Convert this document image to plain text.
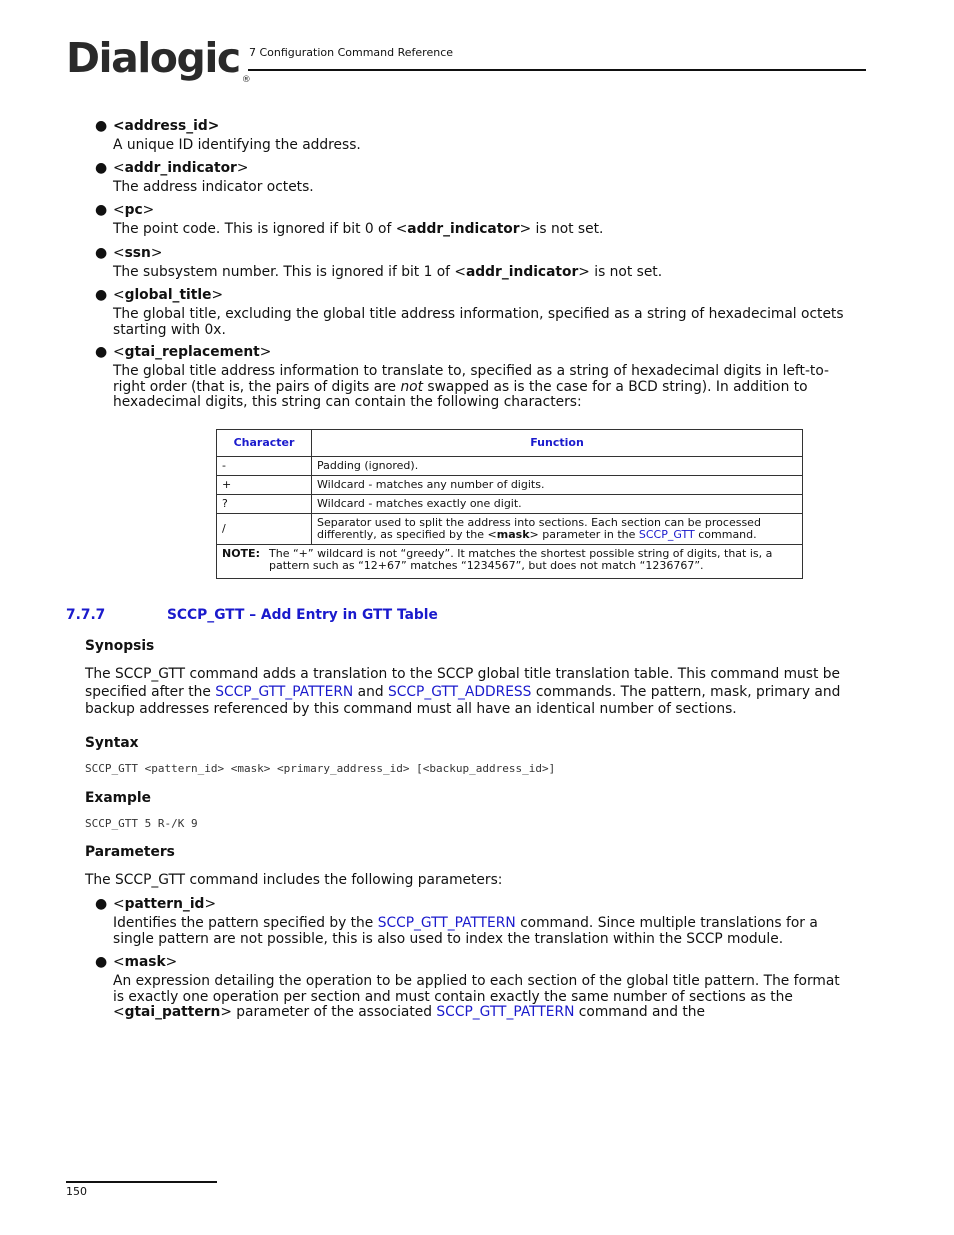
Dialogic ®
7 Configuration Command Reference
● <address_id>
A unique ID identifying the address.
● <addr_indicator>
The address indicator octets.
● <pc>
The point code. This is ignored if bit 0 of <addr_indicator> is not set.
● <ssn>
The subsystem number. This is ignored if bit 1 of <addr_indicator> is not set.
● <global_title>
The global title, excluding the global title address information, specified as a string of hexadecimal octets starting with 0x.
● <gtai_replacement>
The global title address information to translate to, specified as a string of hexadecimal digits in left-to-right order (that is, the pairs of digits are not swapped as is the case for a BCD string). In addition to hexadecimal digits, this string can contain the following characters:
Character	Function
-	Padding (ignored).
+	Wildcard - matches any number of digits.
?	Wildcard - matches exactly one digit.
/	Separator used to split the address into sections. Each section can be processed differently, as specified by the <mask> parameter in the SCCP_GTT command.

NOTE: The “+” wildcard is not “greedy”. It matches the shortest possible string of digits, that is, a pattern such as “12+67” matches “1234567”, but does not match “1236767”.	
7.7.7	SCCP_GTT – Add Entry in GTT Table
Synopsis
The SCCP_GTT command adds a translation to the SCCP global title translation table. This command must be specified after the SCCP_GTT_PATTERN and SCCP_GTT_ADDRESS commands. The pattern, mask, primary and backup addresses referenced by this command must all have an identical number of sections.
Syntax
SCCP_GTT <pattern_id> <mask> <primary_address_id> [<backup_address_id>]
Example
SCCP_GTT 5 R-/K 9
Parameters
The SCCP_GTT command includes the following parameters:
● <pattern_id>
Identifies the pattern specified by the SCCP_GTT_PATTERN command. Since multiple translations for a single pattern are not possible, this is also used to index the translation within the SCCP module.
● <mask>
An expression detailing the operation to be applied to each section of the global title pattern. The format is exactly one operation per section and must contain exactly the same number of sections as the <gtai_pattern> parameter of the associated SCCP_GTT_PATTERN command and the
150
